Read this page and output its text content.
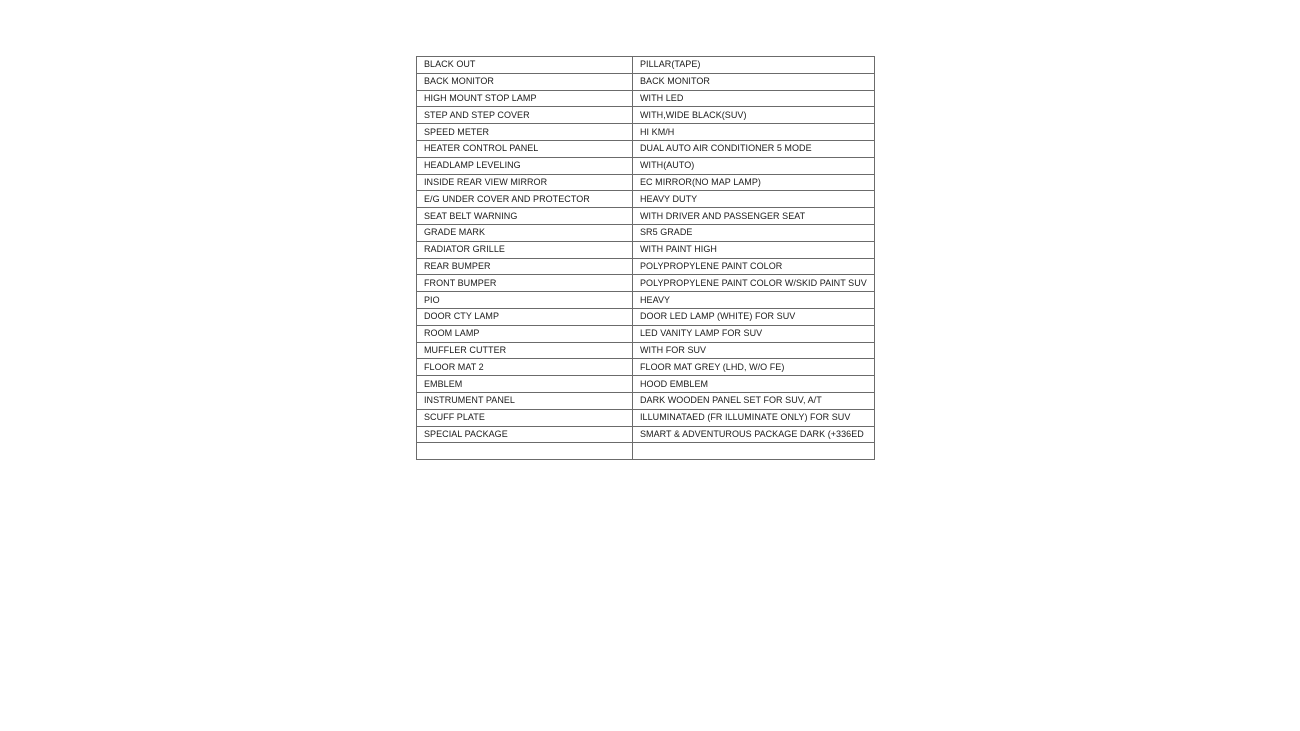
BLACK OUT	PILLAR(TAPE)
BACK MONITOR	BACK MONITOR
HIGH MOUNT STOP LAMP	WITH LED
STEP AND STEP COVER	WITH,WIDE BLACK(SUV)
SPEED METER	HI KM/H
HEATER CONTROL PANEL	DUAL AUTO AIR CONDITIONER 5 MODE
HEADLAMP LEVELING	WITH(AUTO)
INSIDE REAR VIEW MIRROR	EC MIRROR(NO MAP LAMP)
E/G UNDER COVER AND PROTECTOR	HEAVY DUTY
SEAT BELT WARNING	WITH DRIVER AND PASSENGER SEAT
GRADE MARK	SR5 GRADE
RADIATOR GRILLE	WITH PAINT HIGH
REAR BUMPER	POLYPROPYLENE PAINT COLOR
FRONT BUMPER	POLYPROPYLENE PAINT COLOR W/SKID PAINT SUV
PIO	HEAVY
DOOR CTY LAMP	DOOR LED LAMP (WHITE) FOR SUV
ROOM LAMP	LED VANITY LAMP FOR SUV
MUFFLER CUTTER	WITH FOR SUV
FLOOR MAT 2	FLOOR MAT GREY (LHD, W/O FE)
EMBLEM	HOOD EMBLEM
INSTRUMENT PANEL	DARK WOODEN PANEL SET FOR SUV, A/T
SCUFF PLATE	ILLUMINATAED (FR ILLUMINATE ONLY) FOR SUV
SPECIAL PACKAGE	SMART & ADVENTUROUS PACKAGE DARK (+336ED
